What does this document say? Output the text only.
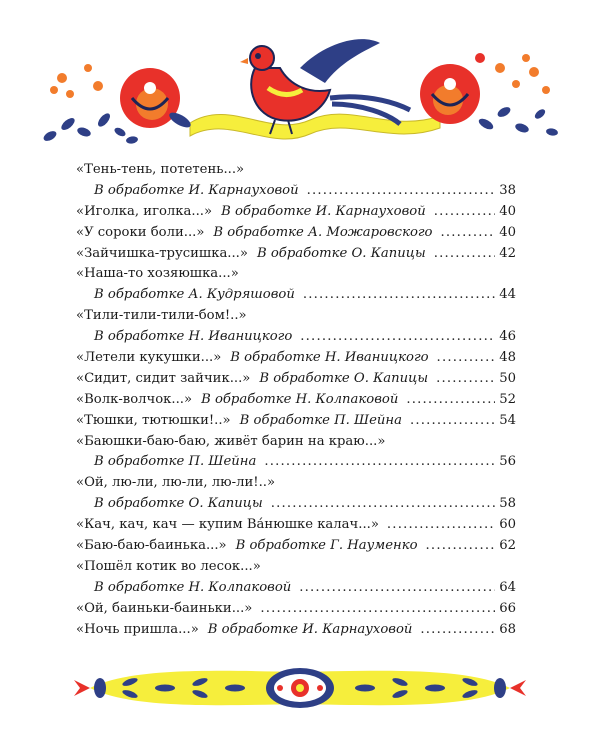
«Тень-тень, потетень...»
В обработке И. Карнауховой .....	38
«Иголка, иголка...» В обработке И. Карнауховой .....	40
«У сороки боли...» В обработке А. Можаровского .....	40
«Зайчишка-трусишка...» В обработке О. Капицы .....	42
«Наша-то хозяюшка...»
В обработке А. Кудряшовой .....	44
«Тили-тили-тили-бом!..»
В обработке Н. Иваницкого .....	46
«Летели кукушки...» В обработке Н. Иваницкого .....	48
«Сидит, сидит зайчик...» В обработке О. Капицы .....	50
«Волк-волчок...» В обработке Н. Колпаковой .....	52
«Тюшки, тютюшки!..» В обработке П. Шейна .....	54
«Баюшки-баю-баю, живёт барин на краю...»
В обработке П. Шейна .....	56
«Ой, лю-ли, лю-ли, лю-ли!..»
В обработке О. Капицы .....	58
«Кач, кач, кач — купим Ва́нюшке калач...» .....	60
«Баю-баю-баинька...» В обработке Г. Науменко .....	62
«Пошёл котик во лесок...»
В обработке Н. Колпаковой .....	64
«Ой, баиньки-баиньки...» .....	66
«Ночь пришла...» В обработке И. Карнауховой .....	68
